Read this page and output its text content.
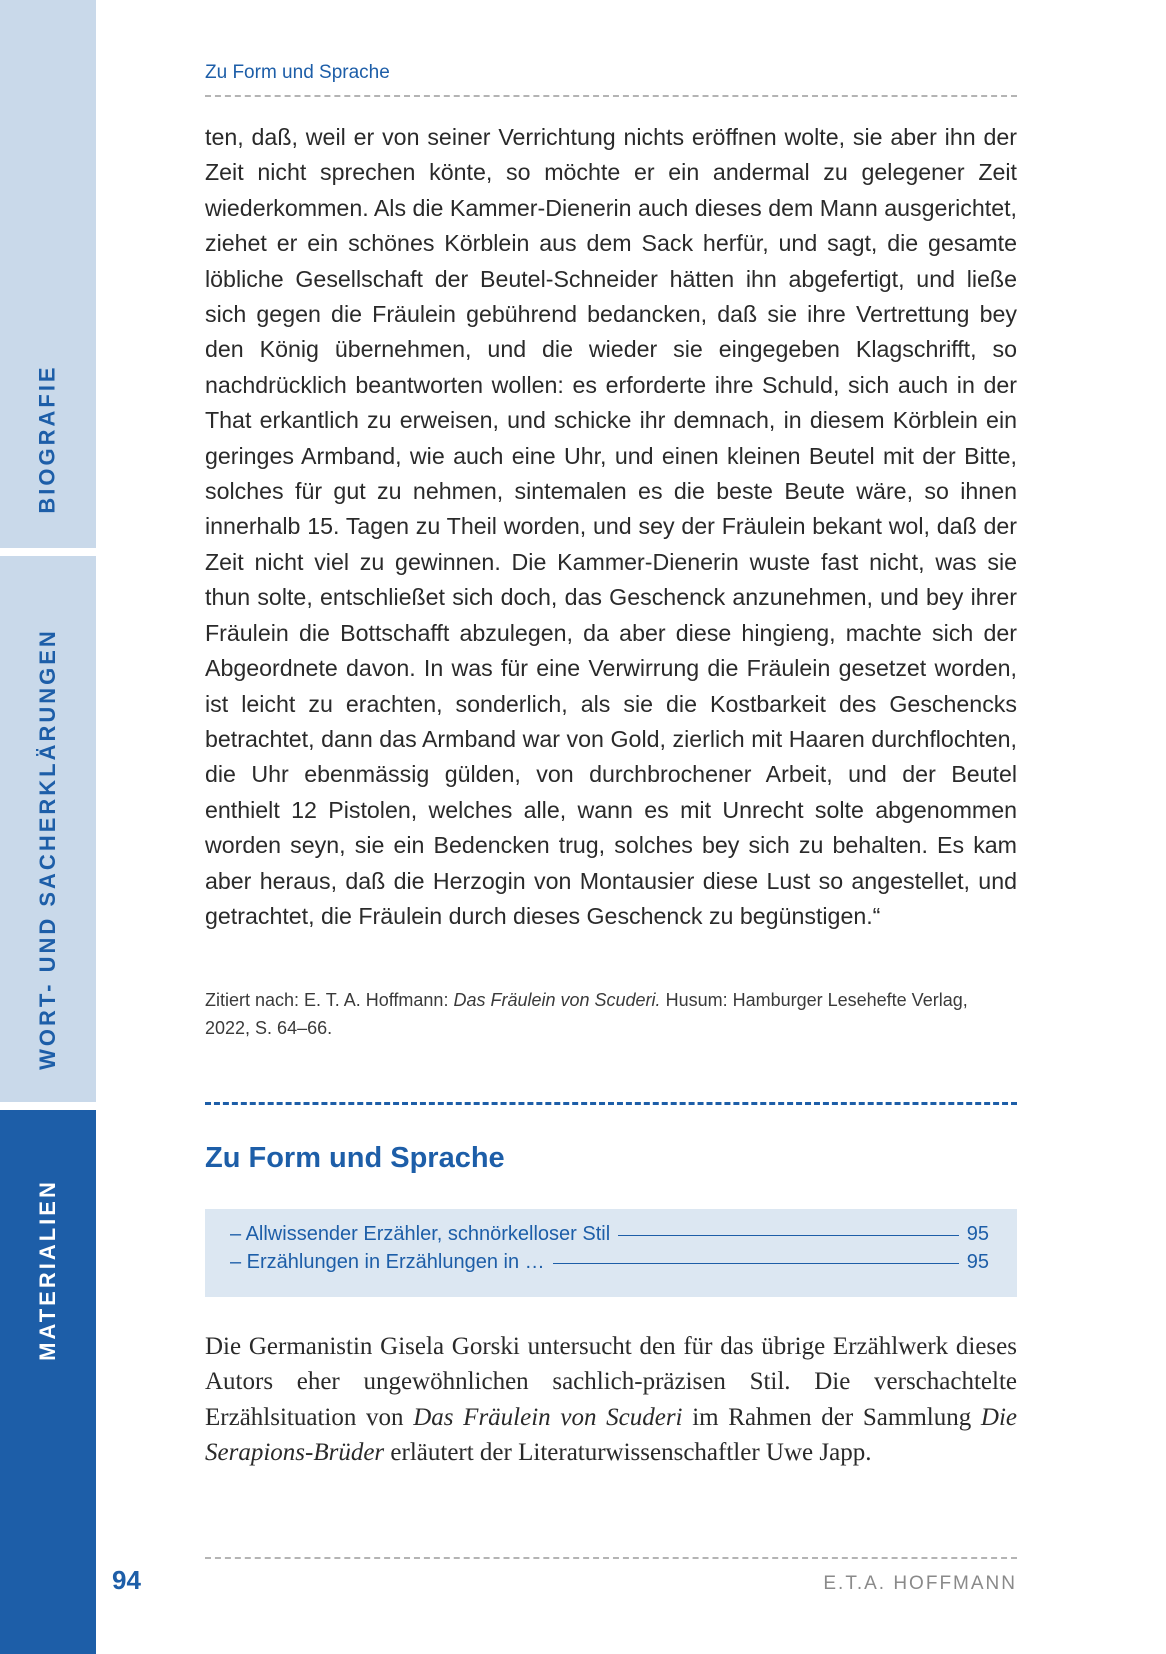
BIOGRAFIE
WORT- UND SACHERKLÄRUNGEN
MATERIALIEN
Zu Form und Sprache
ten, daß, weil er von seiner Verrichtung nichts eröffnen wolte, sie aber ihn der Zeit nicht sprechen könte, so möchte er ein andermal zu gelegener Zeit wiederkommen. Als die Kammer-Dienerin auch dieses dem Mann ausgerichtet, ziehet er ein schönes Körblein aus dem Sack herfür, und sagt, die gesamte löbliche Gesellschaft der Beutel-Schneider hätten ihn abgefertigt, und ließe sich gegen die Fräulein gebührend bedancken, daß sie ihre Vertrettung bey den König übernehmen, und die wieder sie eingegeben Klagschrifft, so nachdrücklich beantworten wollen: es erforderte ihre Schuld, sich auch in der That erkantlich zu erweisen, und schicke ihr demnach, in diesem Körblein ein geringes Armband, wie auch eine Uhr, und einen kleinen Beutel mit der Bitte, solches für gut zu nehmen, sintemalen es die beste Beute wäre, so ihnen innerhalb 15. Tagen zu Theil worden, und sey der Fräulein bekant wol, daß der Zeit nicht viel zu gewinnen. Die Kammer-Dienerin wuste fast nicht, was sie thun solte, entschließet sich doch, das Geschenck anzunehmen, und bey ihrer Fräulein die Bottschafft abzulegen, da aber diese hingieng, machte sich der Abgeordnete davon. In was für eine Verwirrung die Fräulein gesetzet worden, ist leicht zu erachten, sonderlich, als sie die Kostbarkeit des Geschencks betrachtet, dann das Armband war von Gold, zierlich mit Haaren durchflochten, die Uhr ebenmässig gülden, von durchbrochener Arbeit, und der Beutel enthielt 12 Pistolen, welches alle, wann es mit Unrecht solte abgenommen worden seyn, sie ein Bedencken trug, solches bey sich zu behalten. Es kam aber heraus, daß die Herzogin von Montausier diese Lust so angestellet, und getrachtet, die Fräulein durch dieses Geschenck zu begünstigen.“
Zitiert nach: E. T. A. Hoffmann: Das Fräulein von Scuderi. Husum: Hamburger Lesehefte Verlag, 2022, S. 64–66.
Zu Form und Sprache
– Allwissender Erzähler, schnörkelloser Stil	95
– Erzählungen in Erzählungen in …	95
Die Germanistin Gisela Gorski untersucht den für das übrige Erzählwerk dieses Autors eher ungewöhnlichen sachlich-präzisen Stil. Die verschachtelte Erzählsituation von Das Fräulein von Scuderi im Rahmen der Sammlung Die Serapions-Brüder erläutert der Literaturwissenschaftler Uwe Japp.
94	E.T.A. HOFFMANN
